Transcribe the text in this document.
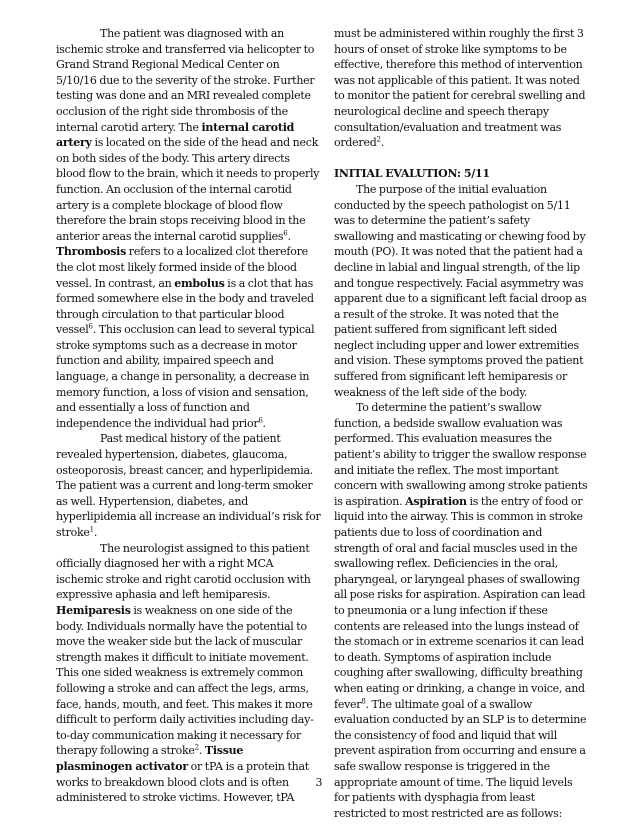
The patient was diagnosed with an ischemic stroke and transferred via helicopter to Grand Strand Regional Medical Center on 5/10/16 due to the severity of the stroke. Further testing was done and an MRI revealed complete occlusion of the right side thrombosis of the internal carotid artery. The internal carotid artery is located on the side of the head and neck on both sides of the body. This artery directs blood flow to the brain, which it needs to properly function. An occlusion of the internal carotid artery is a complete blockage of blood flow therefore the brain stops receiving blood in the anterior areas the internal carotid supplies$^6$. Thrombosis refers to a localized clot therefore the clot most likely formed inside of the blood vessel. In contrast, an embolus is a clot that has formed somewhere else in the body and traveled through circulation to that particular blood vessel$^6$. This occlusion can lead to several typical stroke symptoms such as a decrease in motor function and ability, impaired speech and language, a change in personality, a decrease in memory function, a loss of vision and sensation, and essentially a loss of function and independence the individual had prior$^6$.

Past medical history of the patient revealed hypertension, diabetes, glaucoma, osteoporosis, breast cancer, and hyperlipidemia. The patient was a current and long-term smoker as well. Hypertension, diabetes, and hyperlipidemia all increase an individual’s risk for stroke$^1$.

The neurologist assigned to this patient officially diagnosed her with a right MCA ischemic stroke and right carotid occlusion with expressive aphasia and left hemiparesis. Hemiparesis is weakness on one side of the body. Individuals normally have the potential to move the weaker side but the lack of muscular strength makes it difficult to initiate movement. This one sided weakness is extremely common following a stroke and can affect the legs, arms, face, hands, mouth, and feet. This makes it more difficult to perform daily activities including day-to-day communication making it necessary for therapy following a stroke$^2$. Tissue plasminogen activator or tPA is a protein that works to breakdown blood clots and is often administered to stroke victims. However, tPA

must be administered within roughly the first 3 hours of onset of stroke like symptoms to be effective, therefore this method of intervention was not applicable of this patient. It was noted to monitor the patient for cerebral swelling and neurological decline and speech therapy consultation/evaluation and treatment was ordered$^2$.

INITIAL EVALUTION: 5/11

The purpose of the initial evaluation conducted by the speech pathologist on 5/11 was to determine the patient’s safety swallowing and masticating or chewing food by mouth (PO). It was noted that the patient had a decline in labial and lingual strength, of the lip and tongue respectively. Facial asymmetry was apparent due to a significant left facial droop as a result of the stroke. It was noted that the patient suffered from significant left sided neglect including upper and lower extremities and vision. These symptoms proved the patient suffered from significant left hemiparesis or weakness of the left side of the body.

To determine the patient’s swallow function, a bedside swallow evaluation was performed. This evaluation measures the patient’s ability to trigger the swallow response and initiate the reflex. The most important concern with swallowing among stroke patients is aspiration. Aspiration is the entry of food or liquid into the airway. This is common in stroke patients due to loss of coordination and strength of oral and facial muscles used in the swallowing reflex. Deficiencies in the oral, pharyngeal, or laryngeal phases of swallowing all pose risks for aspiration. Aspiration can lead to pneumonia or a lung infection if these contents are released into the lungs instead of the stomach or in extreme scenarios it can lead to death. Symptoms of aspiration include coughing after swallowing, difficulty breathing when eating or drinking, a change in voice, and fever$^8$. The ultimate goal of a swallow evaluation conducted by an SLP is to determine the consistency of food and liquid that will prevent aspiration from occurring and ensure a safe swallow response is triggered in the appropriate amount of time. The liquid levels for patients with dysphagia from least restricted to most restricted are as follows:

3
